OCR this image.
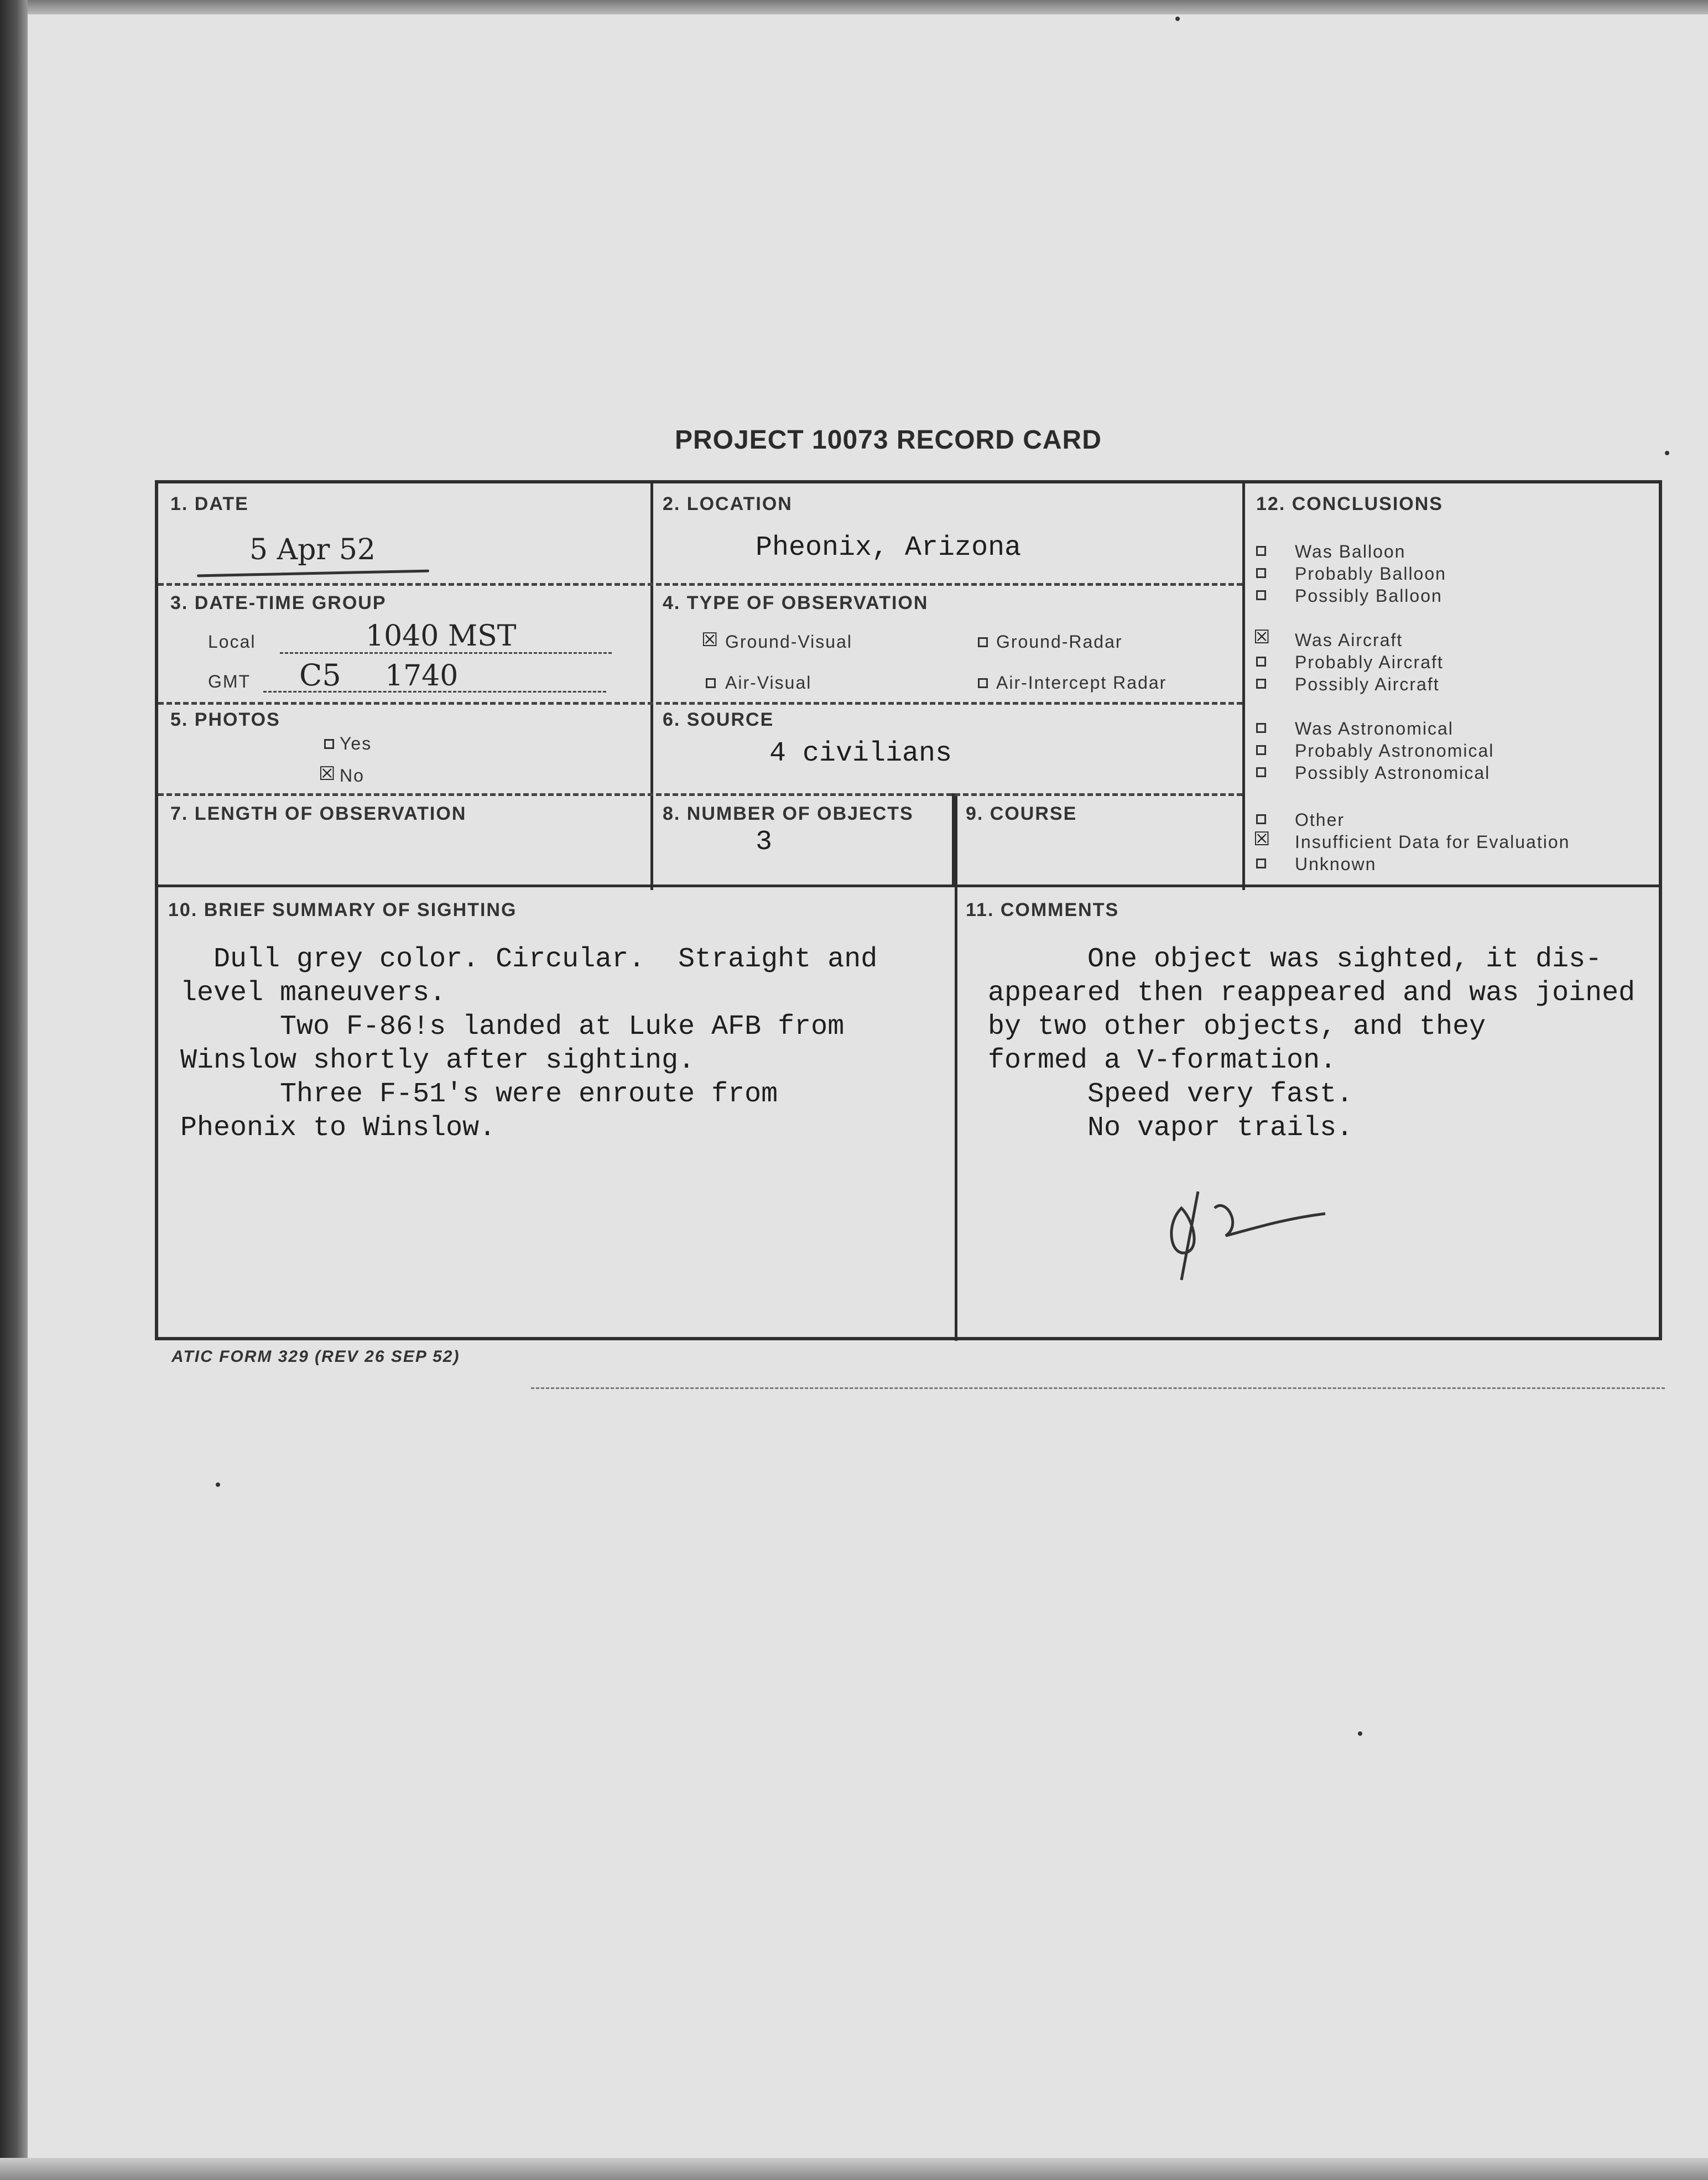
PROJECT 10073 RECORD CARD
1. DATE
5 Apr 52
2. LOCATION
Pheonix, Arizona
3. DATE-TIME GROUP
Local	1040 MST
GMT C5 1740
4. TYPE OF OBSERVATION
☒ Ground-Visual	Ground-Radar
Air-Visual	Air-Intercept Radar
5. PHOTOS
Yes
☒ No
6. SOURCE
4 civilians
7. LENGTH OF OBSERVATION	8. NUMBER OF OBJECTS
3
9. COURSE
12. CONCLUSIONS
Was Balloon
Probably Balloon
Possibly Balloon
☒ Was Aircraft
Probably Aircraft
Possibly Aircraft
Was Astronomical
Probably Astronomical
Possibly Astronomical
Other
☒ Insufficient Data for Evaluation
Unknown
10. BRIEF SUMMARY OF SIGHTING
Dull grey color. Circular.  Straight and
level maneuvers.
Two F-86!s landed at Luke AFB from
Winslow shortly after sighting.
Three F-51's were enroute from
Pheonix to Winslow.
11. COMMENTS
One object was sighted, it dis-
appeared then reappeared and was joined
by two other objects, and they
formed a V-formation.
Speed very fast.
No vapor trails.
ATIC FORM 329 (REV 26 SEP 52)
